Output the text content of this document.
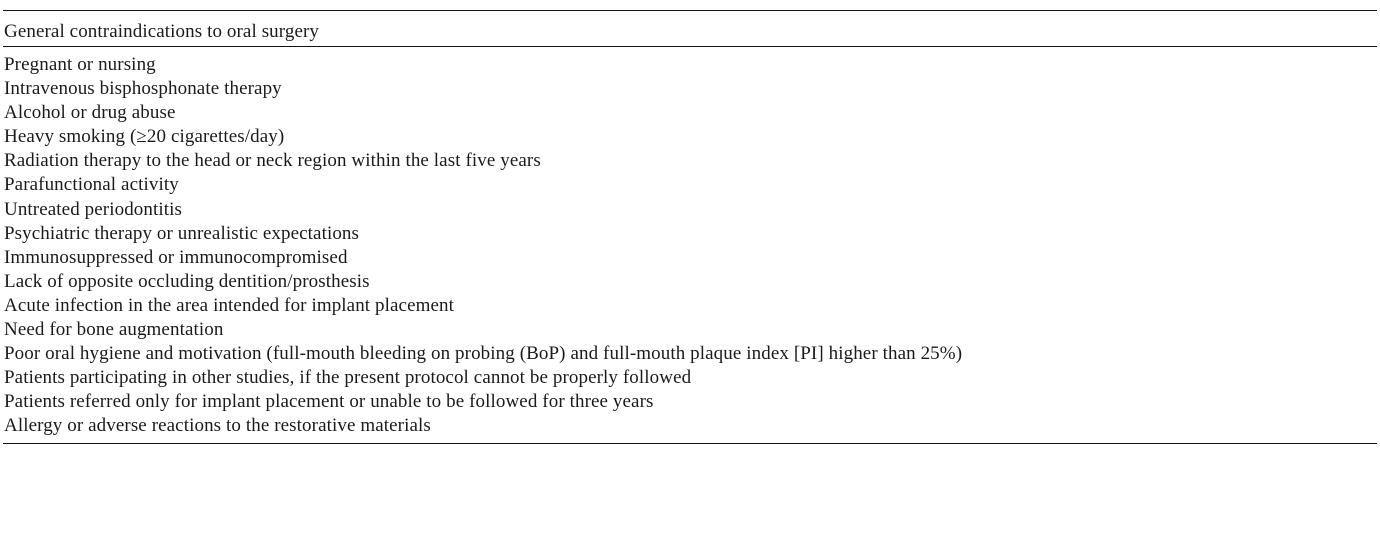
General contraindications to oral surgery
Pregnant or nursing
Intravenous bisphosphonate therapy
Alcohol or drug abuse
Heavy smoking (≥20 cigarettes/day)
Radiation therapy to the head or neck region within the last five years
Parafunctional activity
Untreated periodontitis
Psychiatric therapy or unrealistic expectations
Immunosuppressed or immunocompromised
Lack of opposite occluding dentition/prosthesis
Acute infection in the area intended for implant placement
Need for bone augmentation
Poor oral hygiene and motivation (full-mouth bleeding on probing (BoP) and full-mouth plaque index [PI] higher than 25%)
Patients participating in other studies, if the present protocol cannot be properly followed
Patients referred only for implant placement or unable to be followed for three years
Allergy or adverse reactions to the restorative materials
